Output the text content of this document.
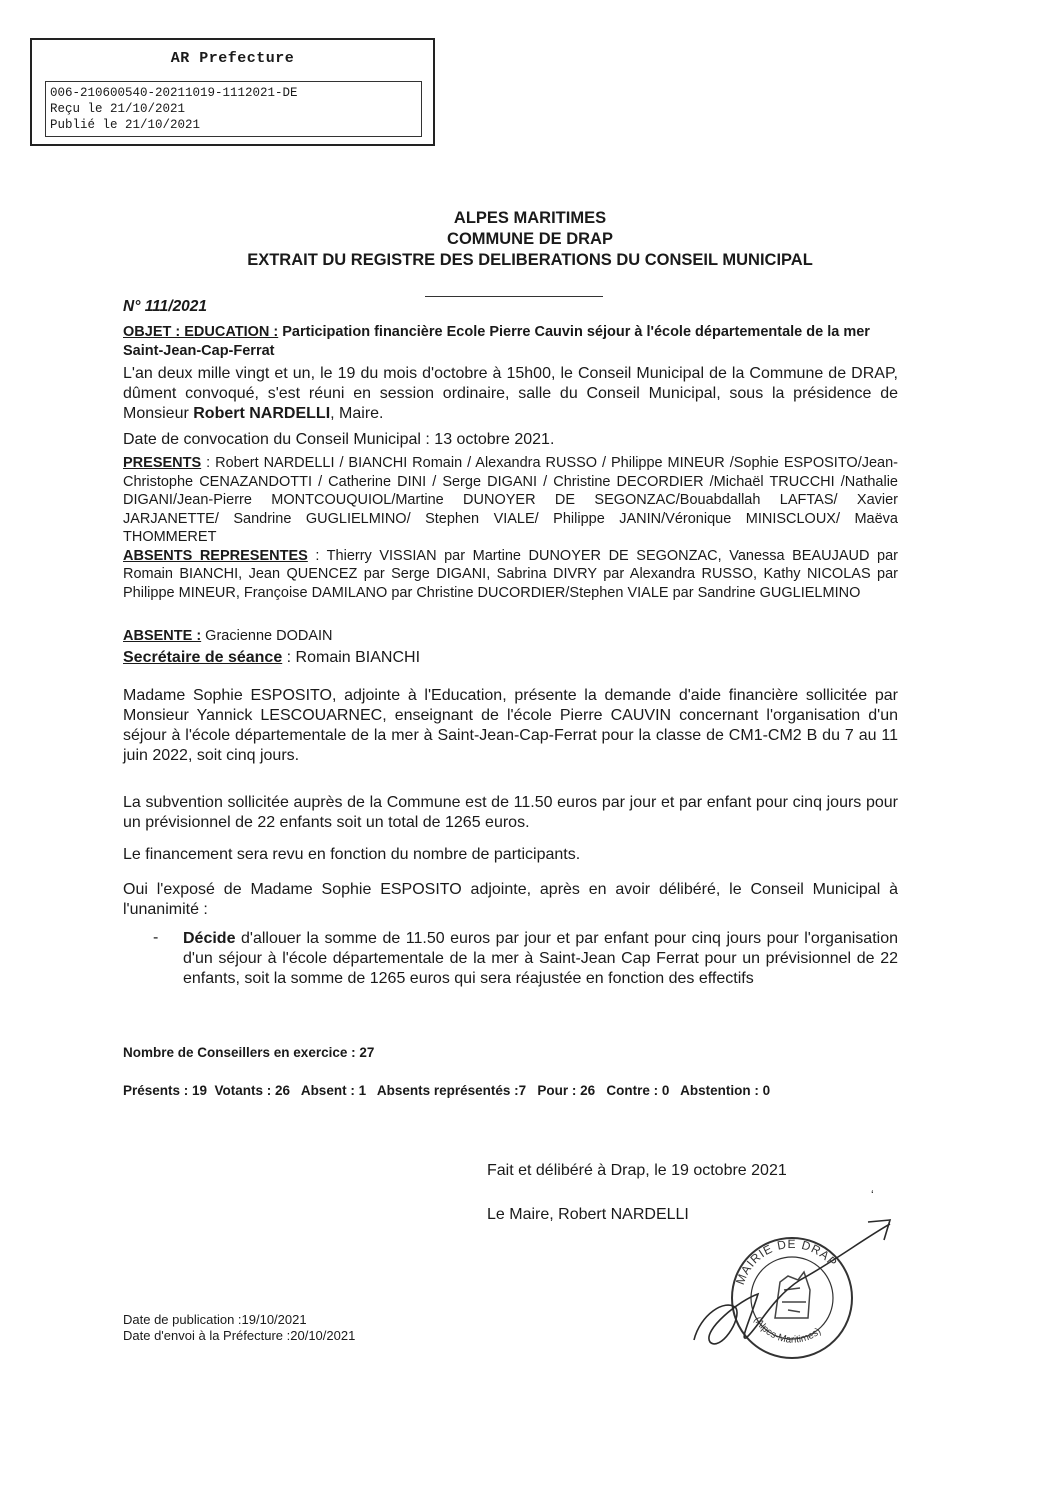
AR Prefecture
006-210600540-20211019-1112021-DE
Reçu le 21/10/2021
Publié le 21/10/2021
ALPES MARITIMES
COMMUNE DE DRAP
EXTRAIT DU REGISTRE DES DELIBERATIONS DU CONSEIL MUNICIPAL
N° 111/2021
OBJET : EDUCATION : Participation financière Ecole Pierre Cauvin séjour à l'école départementale de la mer Saint-Jean-Cap-Ferrat
L'an deux mille vingt et un, le 19 du mois d'octobre à 15h00, le Conseil Municipal de la Commune de DRAP, dûment convoqué, s'est réuni en session ordinaire, salle du Conseil Municipal, sous la présidence de Monsieur Robert NARDELLI, Maire.
Date de convocation du Conseil Municipal : 13 octobre 2021.
PRESENTS : Robert NARDELLI / BIANCHI Romain / Alexandra RUSSO / Philippe MINEUR /Sophie ESPOSITO/Jean-Christophe CENAZANDOTTI / Catherine DINI / Serge DIGANI / Christine DECORDIER /Michaël TRUCCHI /Nathalie DIGANI/Jean-Pierre MONTCOUQUIOL/Martine DUNOYER DE SEGONZAC/Bouabdallah LAFTAS/ Xavier JARJANETTE/ Sandrine GUGLIELMINO/ Stephen VIALE/ Philippe JANIN/Véronique MINISCLOUX/ Maëva THOMMERET
ABSENTS REPRESENTES : Thierry VISSIAN par Martine DUNOYER DE SEGONZAC, Vanessa BEAUJAUD par Romain BIANCHI, Jean QUENCEZ par Serge DIGANI, Sabrina DIVRY par Alexandra RUSSO, Kathy NICOLAS par Philippe MINEUR, Françoise DAMILANO par Christine DUCORDIER/Stephen VIALE par Sandrine GUGLIELMINO
ABSENTE : Gracienne DODAIN
Secrétaire de séance : Romain BIANCHI
Madame Sophie ESPOSITO, adjointe à l'Education, présente la demande d'aide financière sollicitée par Monsieur Yannick LESCOUARNEC, enseignant de l'école Pierre CAUVIN concernant l'organisation d'un séjour à l'école départementale de la mer à Saint-Jean-Cap-Ferrat pour la classe de CM1-CM2 B du 7 au 11 juin 2022, soit cinq jours.
La subvention sollicitée auprès de la Commune est de 11.50 euros par jour et par enfant pour cinq jours pour un prévisionnel de 22 enfants soit un total de 1265 euros.
Le financement sera revu en fonction du nombre de participants.
Oui l'exposé de Madame Sophie ESPOSITO adjointe, après en avoir délibéré, le Conseil Municipal à l'unanimité :
- Décide d'allouer la somme de 11.50 euros par jour et par enfant pour cinq jours pour l'organisation d'un séjour à l'école départementale de la mer à Saint-Jean Cap Ferrat pour un prévisionnel de 22 enfants, soit la somme de 1265 euros qui sera réajustée en fonction des effectifs
Nombre de Conseillers en exercice : 27
Présents : 19  Votants : 26   Absent : 1   Absents représentés :7   Pour : 26   Contre : 0   Abstention : 0
Fait et délibéré à Drap, le 19 octobre 2021
Le Maire, Robert NARDELLI
ʻ
MAIRIE DE DRAP
(Alpes-Maritimes)
Date de publication :19/10/2021
Date d'envoi à la Préfecture :20/10/2021
